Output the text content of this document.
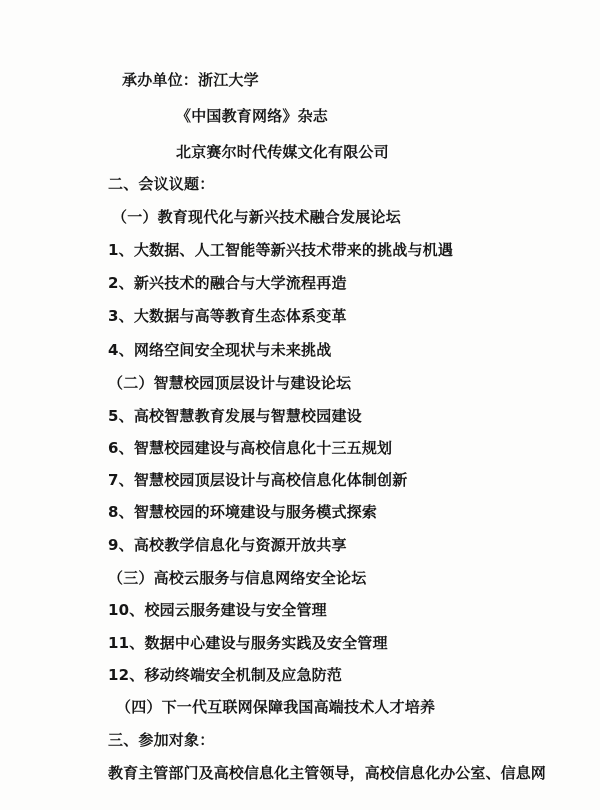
承办单位：浙江大学
《中国教育网络》杂志
北京赛尔时代传媒文化有限公司
二、会议议题：
（一）教育现代化与新兴技术融合发展论坛
1、大数据、人工智能等新兴技术带来的挑战与机遇
2、新兴技术的融合与大学流程再造
3、大数据与高等教育生态体系变革
4、网络空间安全现状与未来挑战
（二）智慧校园顶层设计与建设论坛
5、高校智慧教育发展与智慧校园建设
6、智慧校园建设与高校信息化十三五规划
7、智慧校园顶层设计与高校信息化体制创新
8、智慧校园的环境建设与服务模式探索
9、高校教学信息化与资源开放共享
（三）高校云服务与信息网络安全论坛
10、校园云服务建设与安全管理
11、数据中心建设与服务实践及安全管理
12、移动终端安全机制及应急防范
（四）下一代互联网保障我国高端技术人才培养
三、参加对象：
教育主管部门及高校信息化主管领导，高校信息化办公室、信息网
